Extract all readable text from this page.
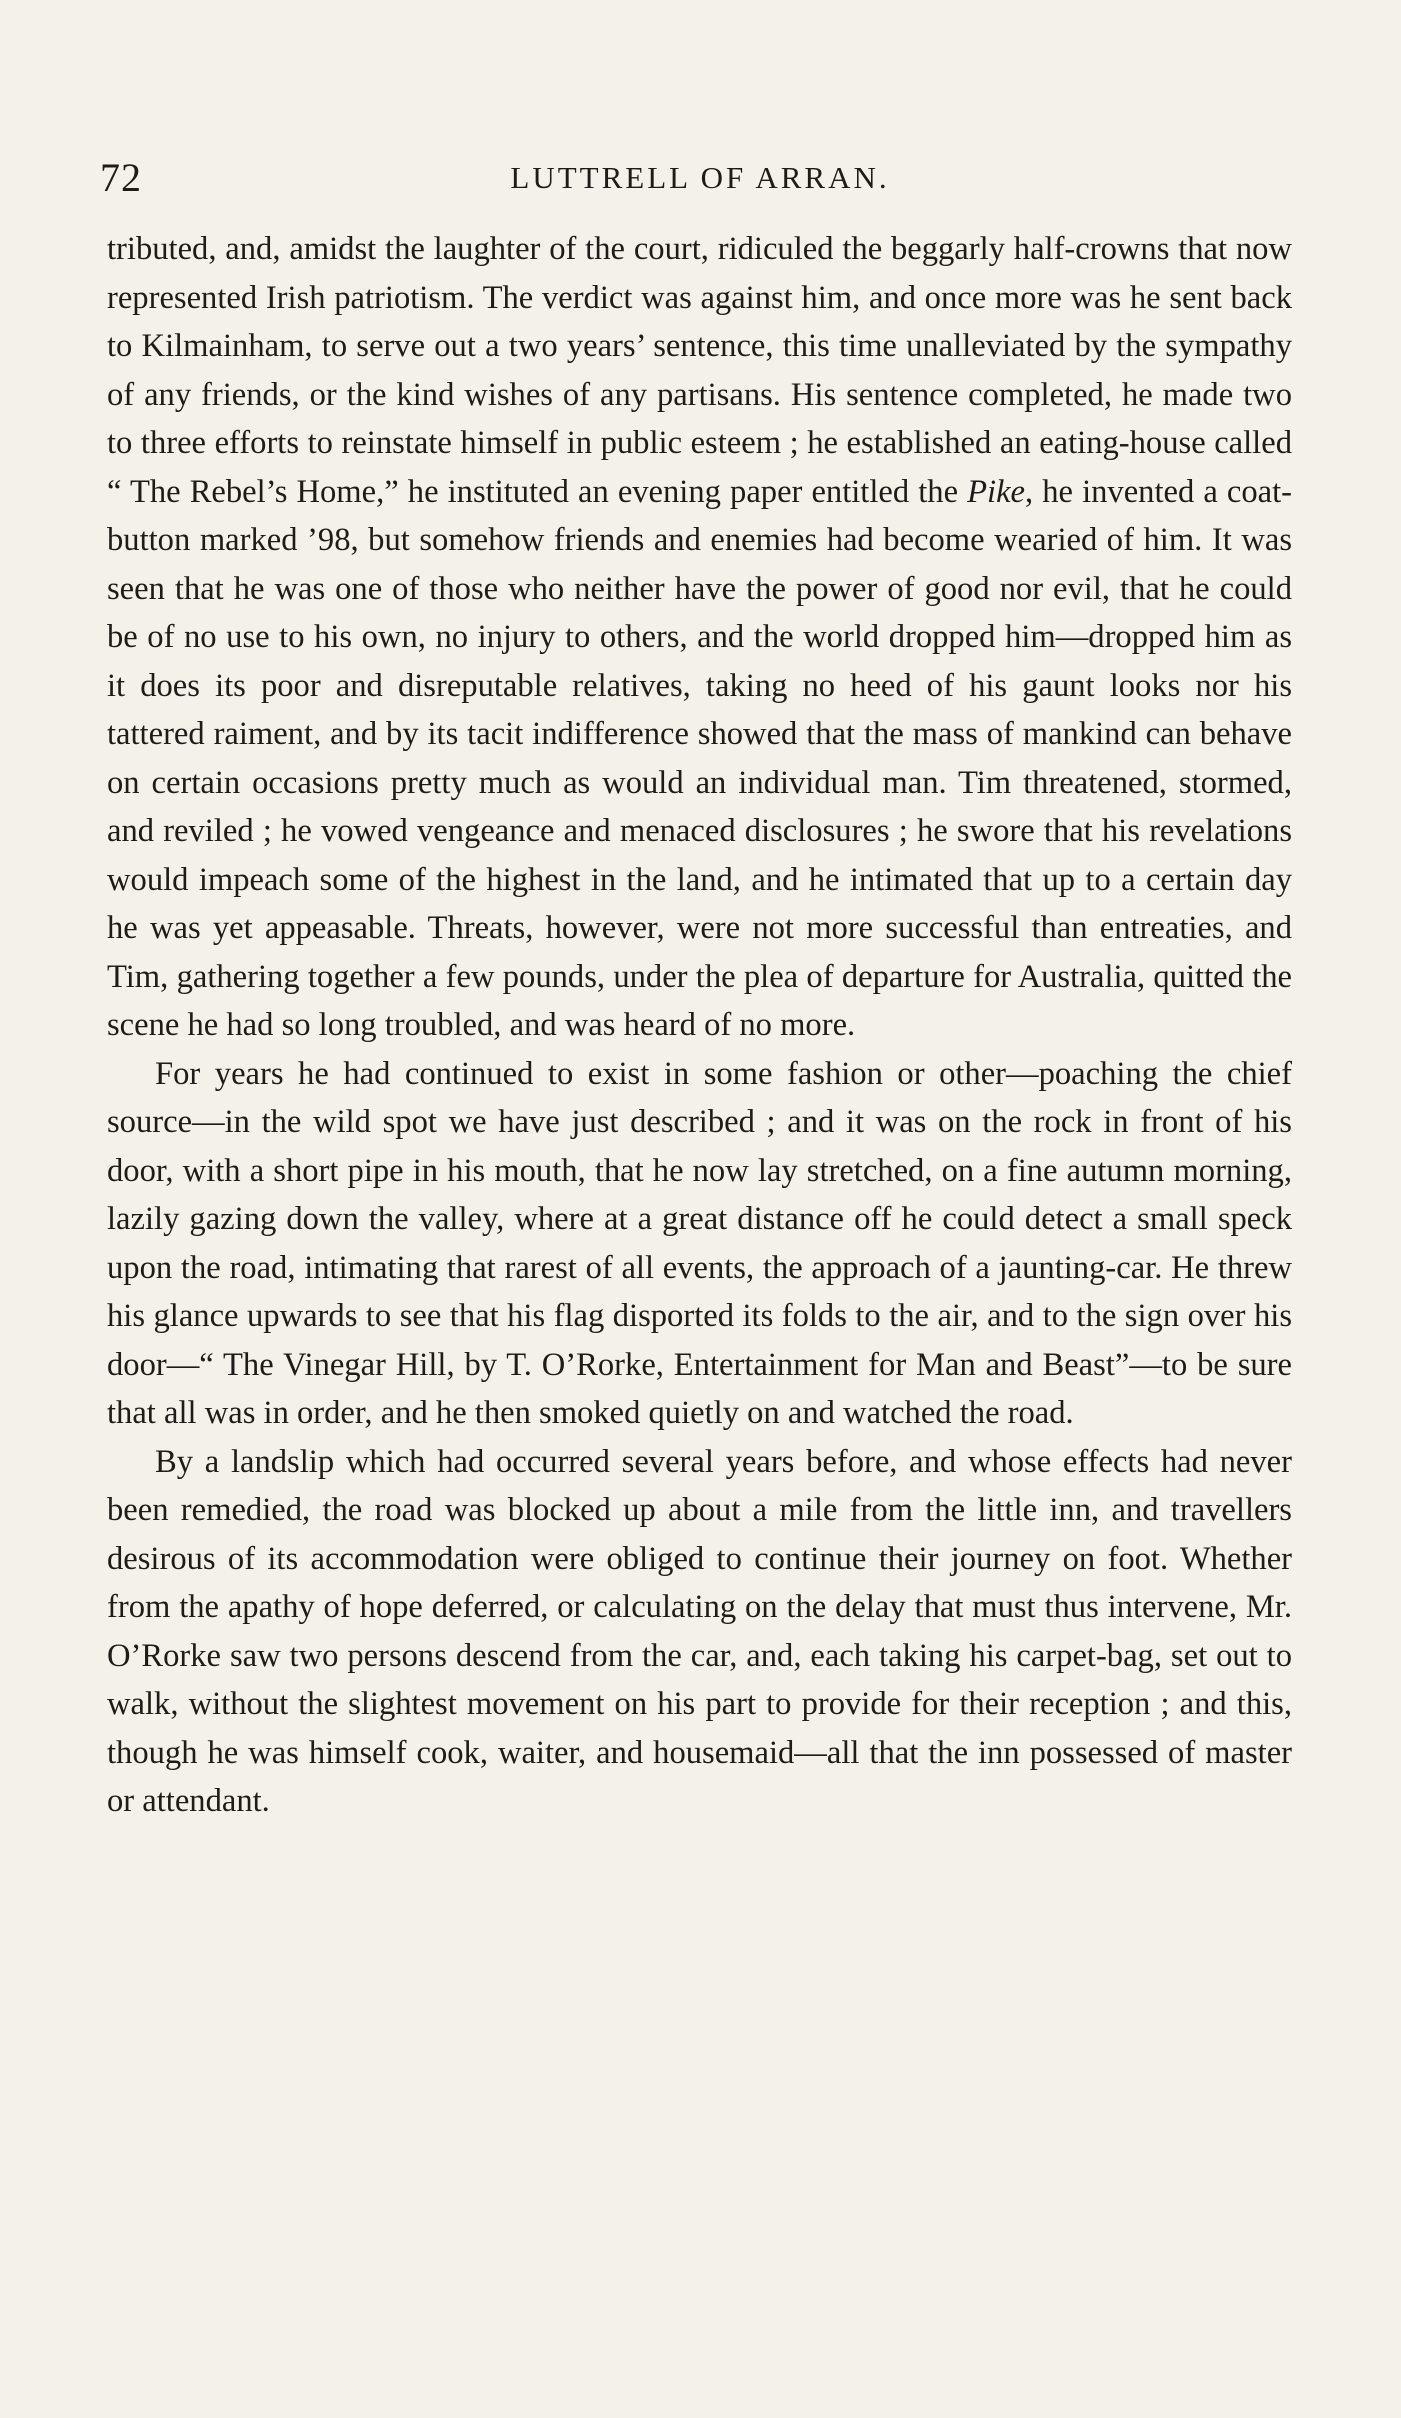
72	LUTTRELL OF ARRAN.

tributed, and, amidst the laughter of the court, ridiculed the beggarly half-crowns that now represented Irish patriotism. The verdict was against him, and once more was he sent back to Kilmainham, to serve out a two years’ sentence, this time unalleviated by the sympathy of any friends, or the kind wishes of any partisans. His sentence completed, he made two to three efforts to reinstate himself in public esteem ; he established an eating-house called “ The Rebel’s Home,” he instituted an evening paper entitled the Pike, he invented a coat-button marked ’98, but somehow friends and enemies had become wearied of him. It was seen that he was one of those who neither have the power of good nor evil, that he could be of no use to his own, no injury to others, and the world dropped him—dropped him as it does its poor and disreputable relatives, taking no heed of his gaunt looks nor his tattered raiment, and by its tacit indifference showed that the mass of mankind can behave on certain occasions pretty much as would an individual man. Tim threatened, stormed, and reviled ; he vowed vengeance and menaced disclosures ; he swore that his revelations would impeach some of the highest in the land, and he intimated that up to a certain day he was yet appeasable. Threats, however, were not more successful than entreaties, and Tim, gathering together a few pounds, under the plea of departure for Australia, quitted the scene he had so long troubled, and was heard of no more.

For years he had continued to exist in some fashion or other—poaching the chief source—in the wild spot we have just described ; and it was on the rock in front of his door, with a short pipe in his mouth, that he now lay stretched, on a fine autumn morning, lazily gazing down the valley, where at a great distance off he could detect a small speck upon the road, intimating that rarest of all events, the approach of a jaunting-car. He threw his glance upwards to see that his flag disported its folds to the air, and to the sign over his door—“ The Vinegar Hill, by T. O’Rorke, Entertainment for Man and Beast”—to be sure that all was in order, and he then smoked quietly on and watched the road.

By a landslip which had occurred several years before, and whose effects had never been remedied, the road was blocked up about a mile from the little inn, and travellers desirous of its accommodation were obliged to continue their journey on foot. Whether from the apathy of hope deferred, or calculating on the delay that must thus intervene, Mr. O’Rorke saw two persons descend from the car, and, each taking his carpet-bag, set out to walk, without the slightest movement on his part to provide for their reception ; and this, though he was himself cook, waiter, and housemaid—all that the inn possessed of master or attendant.
